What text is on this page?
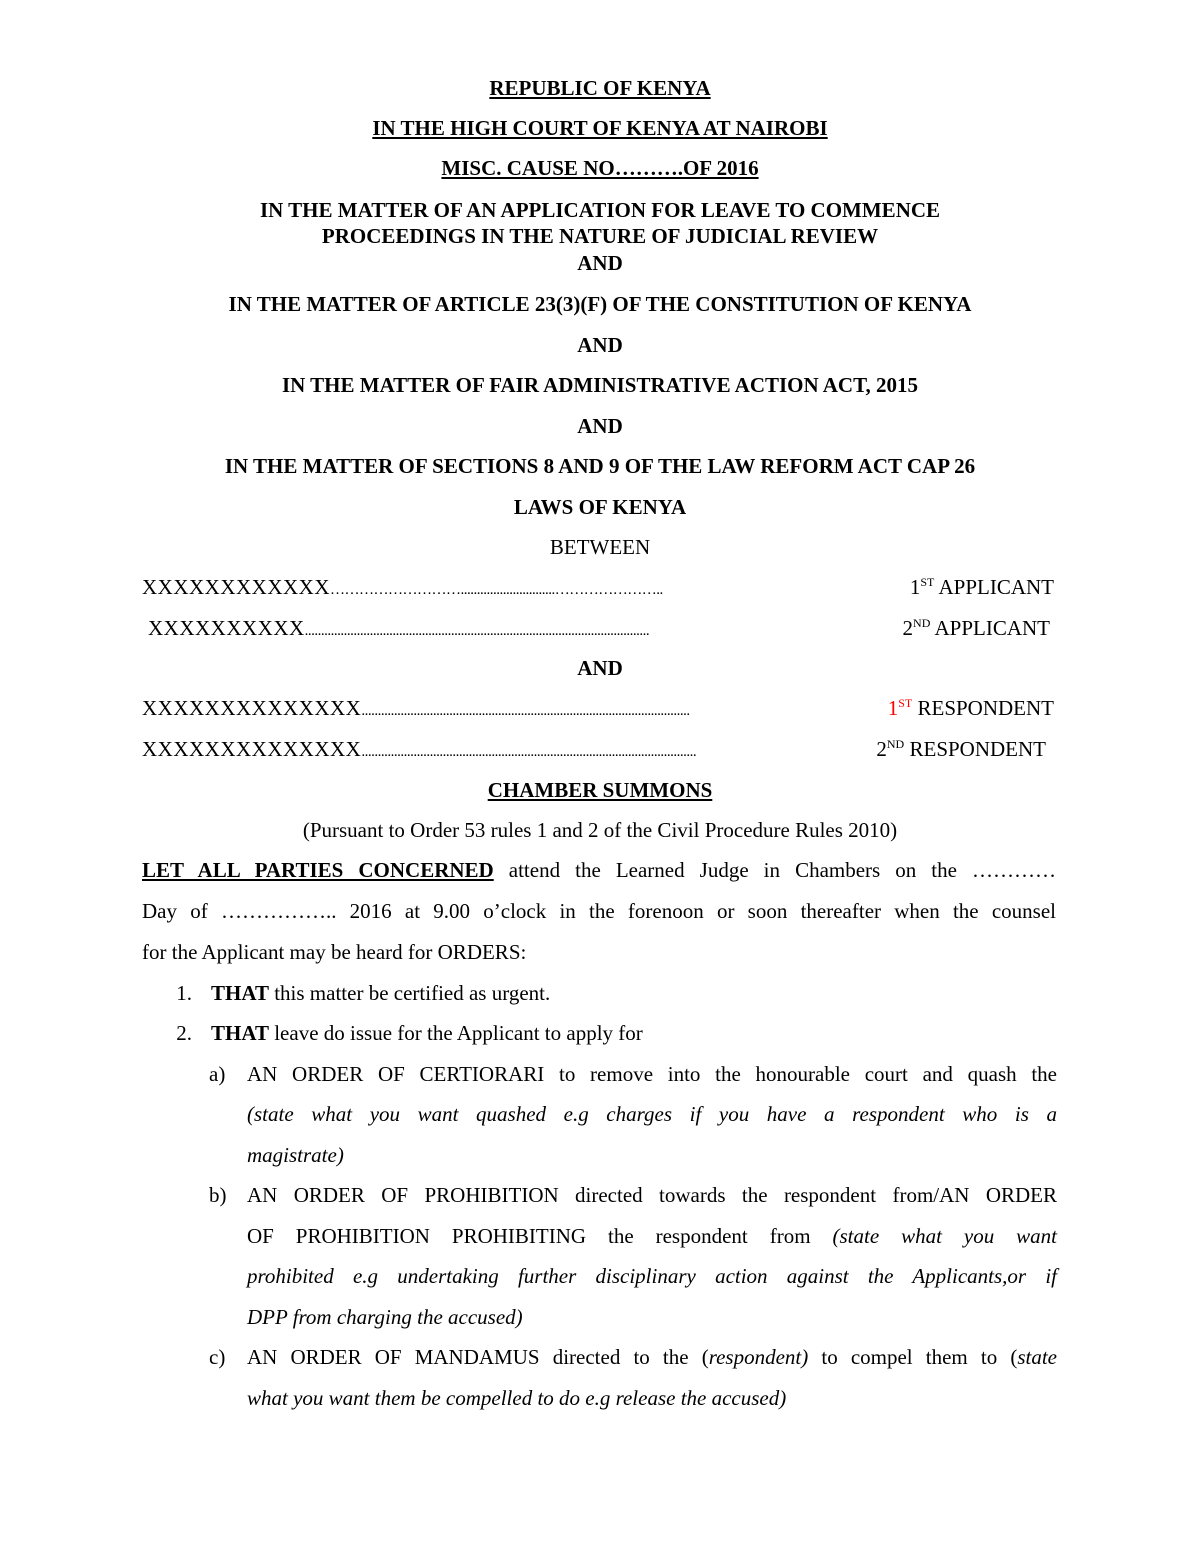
REPUBLIC OF KENYA
IN THE HIGH COURT OF KENYA AT NAIROBI
MISC. CAUSE NO……….OF 2016
IN THE MATTER OF AN APPLICATION FOR LEAVE TO COMMENCE
PROCEEDINGS IN THE NATURE OF JUDICIAL REVIEW
AND
IN THE MATTER OF ARTICLE 23(3)(F) OF THE CONSTITUTION OF KENYA
AND
IN THE MATTER OF FAIR ADMINISTRATIVE ACTION ACT, 2015
AND
IN THE MATTER OF SECTIONS 8 AND 9 OF THE LAW REFORM ACT CAP 26
LAWS OF KENYA
BETWEEN
XXXXXXXXXXXX ……………………….............................…………………..	1ST APPLICANT
XXXXXXXXXX ..........................................................................................................	2ND APPLICANT
AND
XXXXXXXXXXXXXX .....................................................................................................	1ST RESPONDENT
XXXXXXXXXXXXXX .......................................................................................................	2ND RESPONDENT
CHAMBER SUMMONS
(Pursuant to Order 53 rules 1 and 2 of the Civil Procedure Rules 2010)
LET ALL PARTIES CONCERNED attend the Learned Judge in Chambers on the …………
Day of …………….. 2016 at 9.00 o’clock in the forenoon or soon thereafter when the counsel
for the Applicant may be heard for ORDERS:
1. THAT this matter be certified as urgent.
2. THAT leave do issue for the Applicant to apply for
a) AN ORDER OF CERTIORARI to remove into the honourable court and quash the
(state what you want quashed e.g charges if you have a respondent who is a
magistrate)
b) AN ORDER OF PROHIBITION directed towards the respondent from/AN ORDER
OF PROHIBITION PROHIBITING the respondent from (state what you want
prohibited e.g undertaking further disciplinary action against the Applicants,or if
DPP from charging the accused)
c) AN ORDER OF MANDAMUS directed to the (respondent) to compel them to (state
what you want them be compelled to do e.g release the accused)
